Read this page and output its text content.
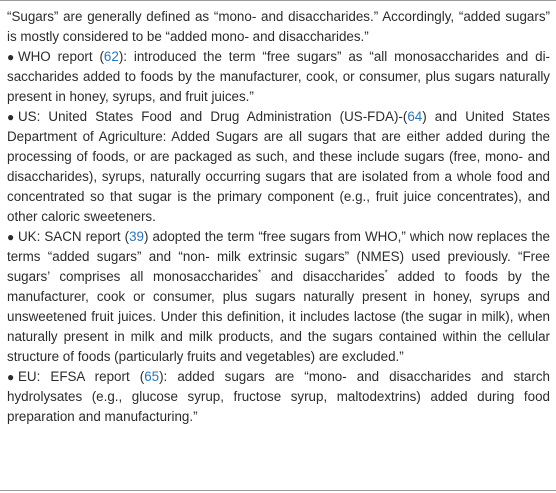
“Sugars” are generally defined as “mono- and disaccharides.” Accordingly, “added sugars” is mostly considered to be “added mono- and disaccharides.”

● WHO report (62): introduced the term “free sugars” as “all monosaccharides and di-saccharides added to foods by the manufacturer, cook, or consumer, plus sugars naturally present in honey, syrups, and fruit juices.”

● US: United States Food and Drug Administration (US-FDA)-(64) and United States Department of Agriculture: Added Sugars are all sugars that are either added during the processing of foods, or are packaged as such, and these include sugars (free, mono- and disaccharides), syrups, naturally occurring sugars that are isolated from a whole food and concentrated so that sugar is the primary component (e.g., fruit juice concentrates), and other caloric sweeteners.

● UK: SACN report (39) adopted the term “free sugars from WHO,” which now replaces the terms “added sugars” and “non- milk extrinsic sugars” (NMES) used previously. “Free sugars’ comprises all monosaccharides* and disaccharides* added to foods by the manufacturer, cook or consumer, plus sugars naturally present in honey, syrups and unsweetened fruit juices. Under this definition, it includes lactose (the sugar in milk), when naturally present in milk and milk products, and the sugars contained within the cellular structure of foods (particularly fruits and vegetables) are excluded.”

● EU: EFSA report (65): added sugars are “mono- and disaccharides and starch hydrolysates (e.g., glucose syrup, fructose syrup, maltodextrins) added during food preparation and manufacturing.”
